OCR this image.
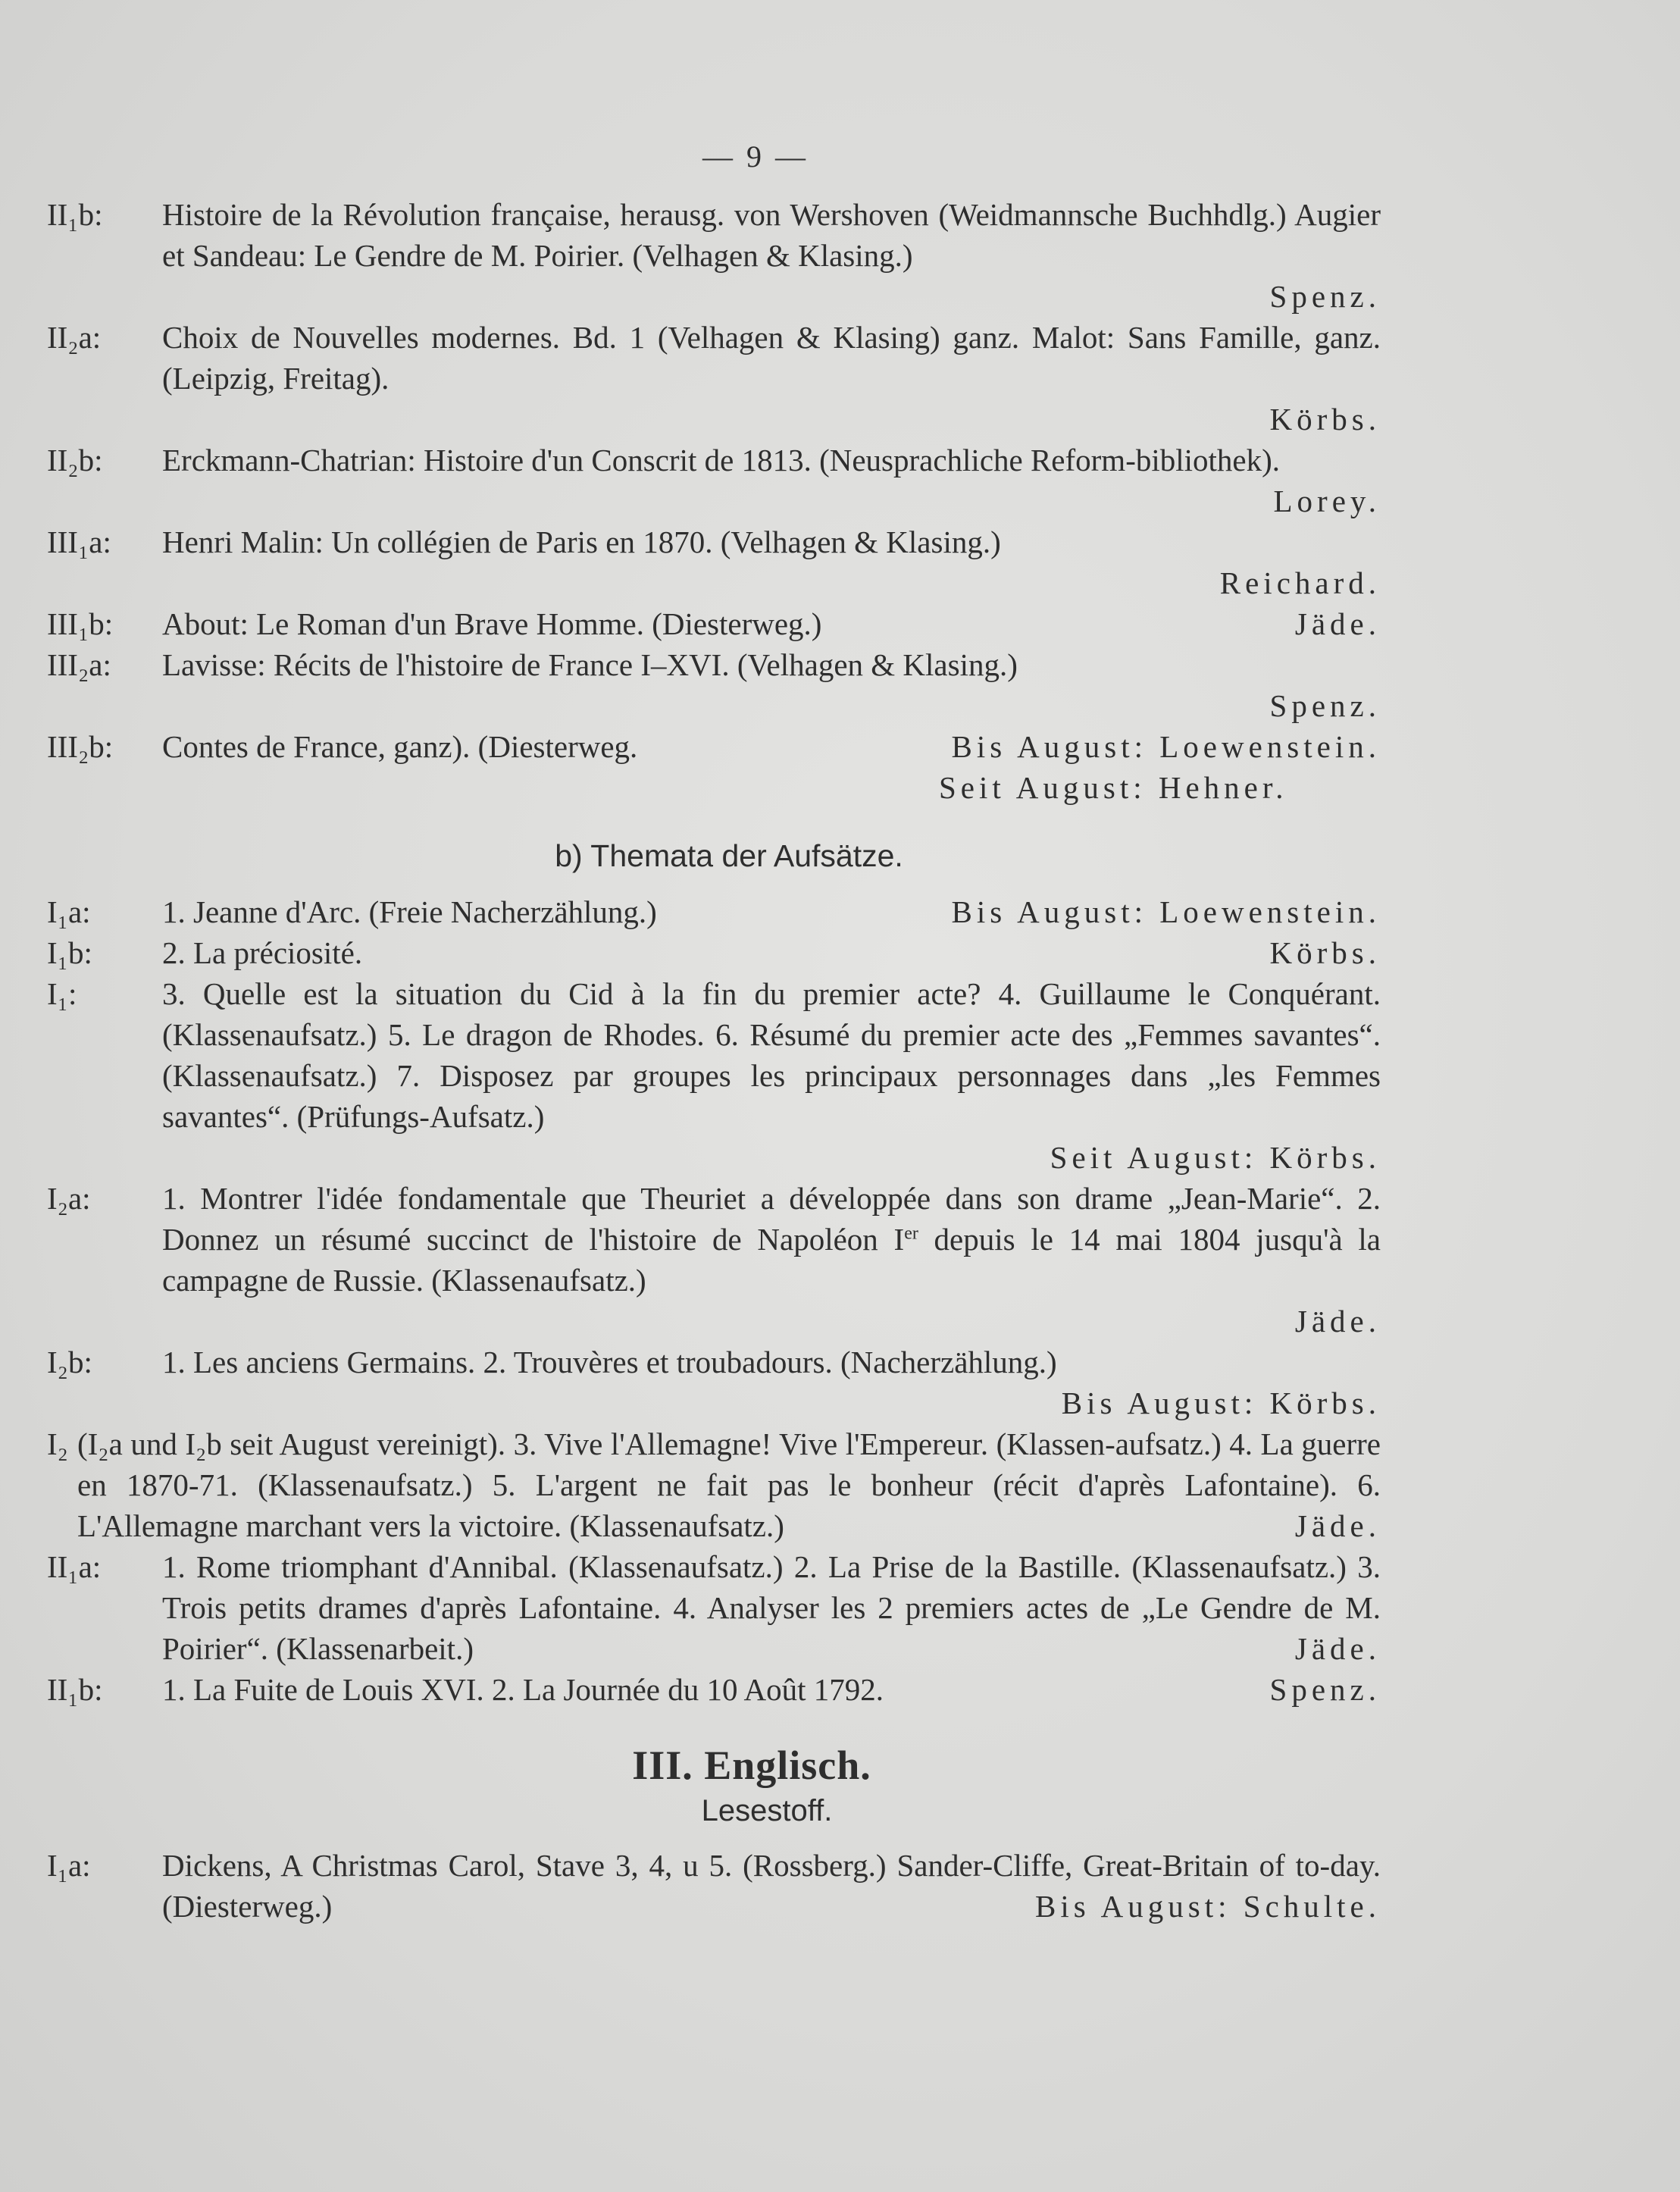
— 9 —
II₁b:	Histoire de la Révolution française, herausg. von Wershoven (Weidmannsche Buchhdlg.) Augier et Sandeau: Le Gendre de M. Poirier. (Velhagen & Klasing.)
Spenz.
II₂a:	Choix de Nouvelles modernes. Bd. 1 (Velhagen & Klasing) ganz. Malot: Sans Famille, ganz. (Leipzig, Freitag).
Körbs.
II₂b:	Erckmann-Chatrian: Histoire d'un Conscrit de 1813. (Neusprachliche Reform-bibliothek).
Lorey.
III₁a:	Henri Malin: Un collégien de Paris en 1870. (Velhagen & Klasing.)
Reichard.
III₁b:	About: Le Roman d'un Brave Homme. (Diesterweg.)	Jäde.
III₂a:	Lavisse: Récits de l'histoire de France I–XVI. (Velhagen & Klasing.)
Spenz.
III₂b:	Contes de France, ganz). (Diesterweg.	Bis August: Loewenstein.
Seit August: Hehner.
b) Themata der Aufsätze.
I₁a:	1. Jeanne d'Arc. (Freie Nacherzählung.)	Bis August: Loewenstein.
I₁b:	2. La préciosité.	Körbs.
I₁:	3. Quelle est la situation du Cid à la fin du premier acte? 4. Guillaume le Conquérant. (Klassenaufsatz.) 5. Le dragon de Rhodes. 6. Résumé du premier acte des „Femmes savantes“. (Klassenaufsatz.) 7. Disposez par groupes les principaux personnages dans „les Femmes savantes“. (Prüfungs-Aufsatz.)
Seit August: Körbs.
I₂a:	1. Montrer l'idée fondamentale que Theuriet a développée dans son drame „Jean-Marie“. 2. Donnez un résumé succinct de l'histoire de Napoléon Ier depuis le 14 mai 1804 jusqu'à la campagne de Russie. (Klassenaufsatz.)
Jäde.
I₂b:	1. Les anciens Germains. 2. Trouvères et troubadours. (Nacherzählung.)
Bis August: Körbs.
I₂ (I₂a und I₂b seit August vereinigt). 3. Vive l'Allemagne! Vive l'Empereur. (Klassen-aufsatz.) 4. La guerre en 1870-71. (Klassenaufsatz.) 5. L'argent ne fait pas le bonheur (récit d'après Lafontaine). 6. L'Allemagne marchant vers la victoire. (Klassenaufsatz.)	Jäde.
II₁a:	1. Rome triomphant d'Annibal. (Klassenaufsatz.) 2. La Prise de la Bastille. (Klassenaufsatz.) 3. Trois petits drames d'après Lafontaine. 4. Analyser les 2 premiers actes de „Le Gendre de M. Poirier“. (Klassenarbeit.)	Jäde.
II₁b:	1. La Fuite de Louis XVI. 2. La Journée du 10 Août 1792.	Spenz.
III. Englisch.
Lesestoff.
I₁a:	Dickens, A Christmas Carol, Stave 3, 4, u 5. (Rossberg.) Sander-Cliffe, Great-Britain of to-day. (Diesterweg.)	Bis August: Schulte.
